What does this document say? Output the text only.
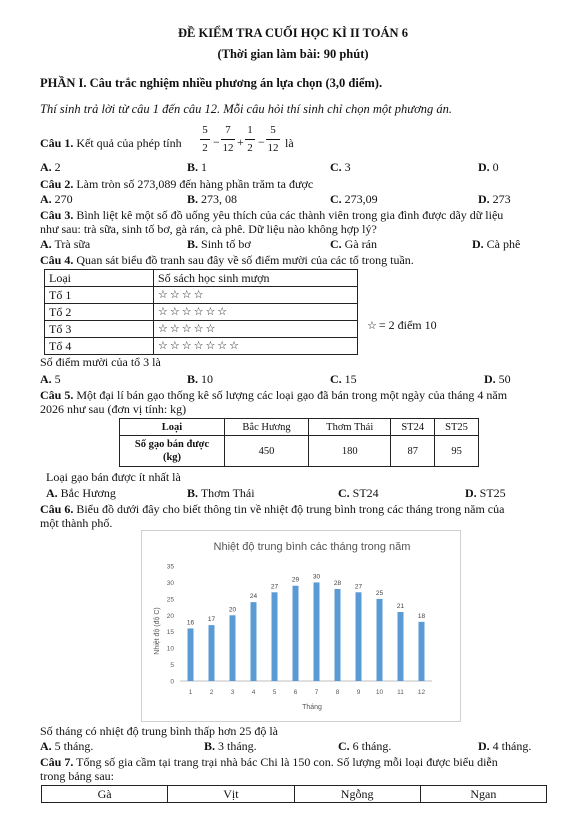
ĐỀ KIỂM TRA CUỐI HỌC KÌ II TOÁN 6
(Thời gian làm bài: 90 phút)
PHẦN I. Câu trắc nghiệm nhiều phương án lựa chọn (3,0 điểm).
Thí sinh trả lời từ câu 1 đến câu 12. Mỗi câu hỏi thí sinh chỉ chọn một phương án.
Câu 1. Kết quả của phép tính
5
2 −
7
12 +
1
2 −
5
12 là
A. 2	B. 1	C. 3	D. 0
Câu 2. Làm tròn số 273,089 đến hàng phần trăm ta được
A. 270	B. 273, 08	C. 273,09	D. 273
Câu 3. Bình liệt kê một số đồ uống yêu thích của các thành viên trong gia đình được dãy dữ liệu
như sau: trà sữa, sinh tố bơ, gà rán, cà phê. Dữ liệu nào không hợp lý?
A. Trà sữa	B. Sinh tố bơ	C. Gà rán	D. Cà phê
Câu 4. Quan sát biểu đồ tranh sau đây về số điểm mười của các tổ trong tuần.
Loại	Số sách học sinh mượn
Tổ 1	☆☆☆☆
Tổ 2	☆☆☆☆☆☆
Tổ 3	☆☆☆☆☆
Tổ 4	☆☆☆☆☆☆☆
☆= 2 điểm 10
Số điểm mười của tổ 3 là
A. 5	B. 10	C. 15	D. 50
Câu 5. Một đại lí bán gạo thống kê số lượng các loại gạo đã bán trong một ngày của tháng 4 năm
2026 như sau (đơn vị tính: kg)
Loại	Bắc Hương	Thơm Thái	ST24	ST25
Số gạo bán được
(kg)	450	180	87	95
Loại gạo bán được ít nhất là
A. Bắc Hương	B. Thơm Thái	C. ST24	D. ST25
Câu 6. Biểu đồ dưới đây cho biết thông tin về nhiệt độ trung bình trong các tháng trong năm của
một thành phố.
Nhiệt độ trung bình các tháng trong năm
Nhiệt độ (độ C)
Tháng
0
5
10
15
20
25
30
35
16
1
17
2
20
3
24
4
27
5
29
6
30
7
28
8
27
9
25
10
21
11
18
12
Số tháng có nhiệt độ trung bình thấp hơn 25 độ là
A. 5 tháng.	B. 3 tháng.	C. 6 tháng.	D. 4 tháng.
Câu 7. Tổng số gia cầm tại trang trại nhà bác Chi là 150 con. Số lượng mỗi loại được biểu diễn
trong bảng sau:
Gà	Vịt	Ngỗng	Ngan
